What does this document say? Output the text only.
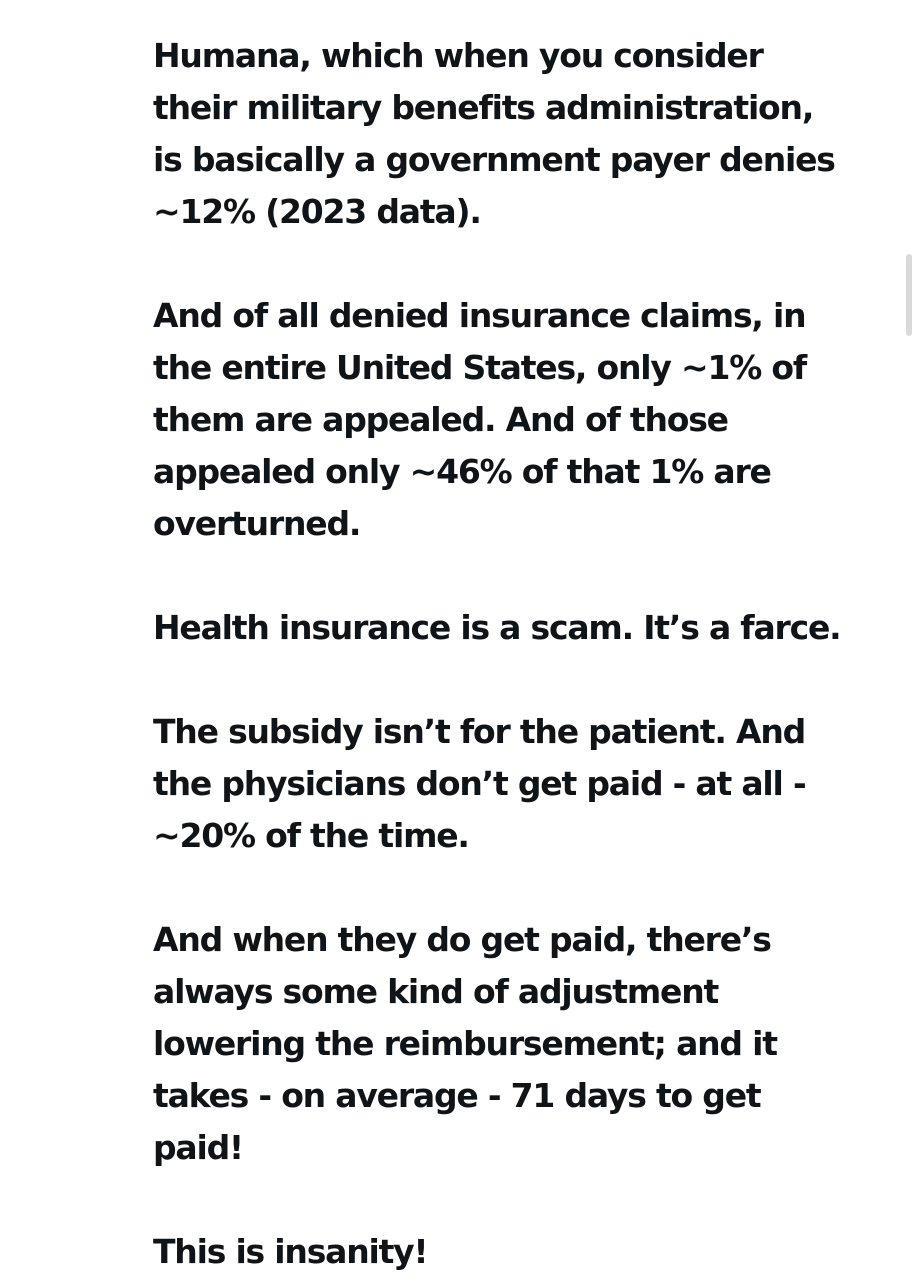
Humana, which when you consider
their military benefits administration,
is basically a government payer denies
~12% (2023 data).

And of all denied insurance claims, in
the entire United States, only ~1% of
them are appealed. And of those
appealed only ~46% of that 1% are
overturned.

Health insurance is a scam. It’s a farce.

The subsidy isn’t for the patient. And
the physicians don’t get paid - at all -
~20% of the time.

And when they do get paid, there’s
always some kind of adjustment
lowering the reimbursement; and it
takes - on average - 71 days to get
paid!

This is insanity!
